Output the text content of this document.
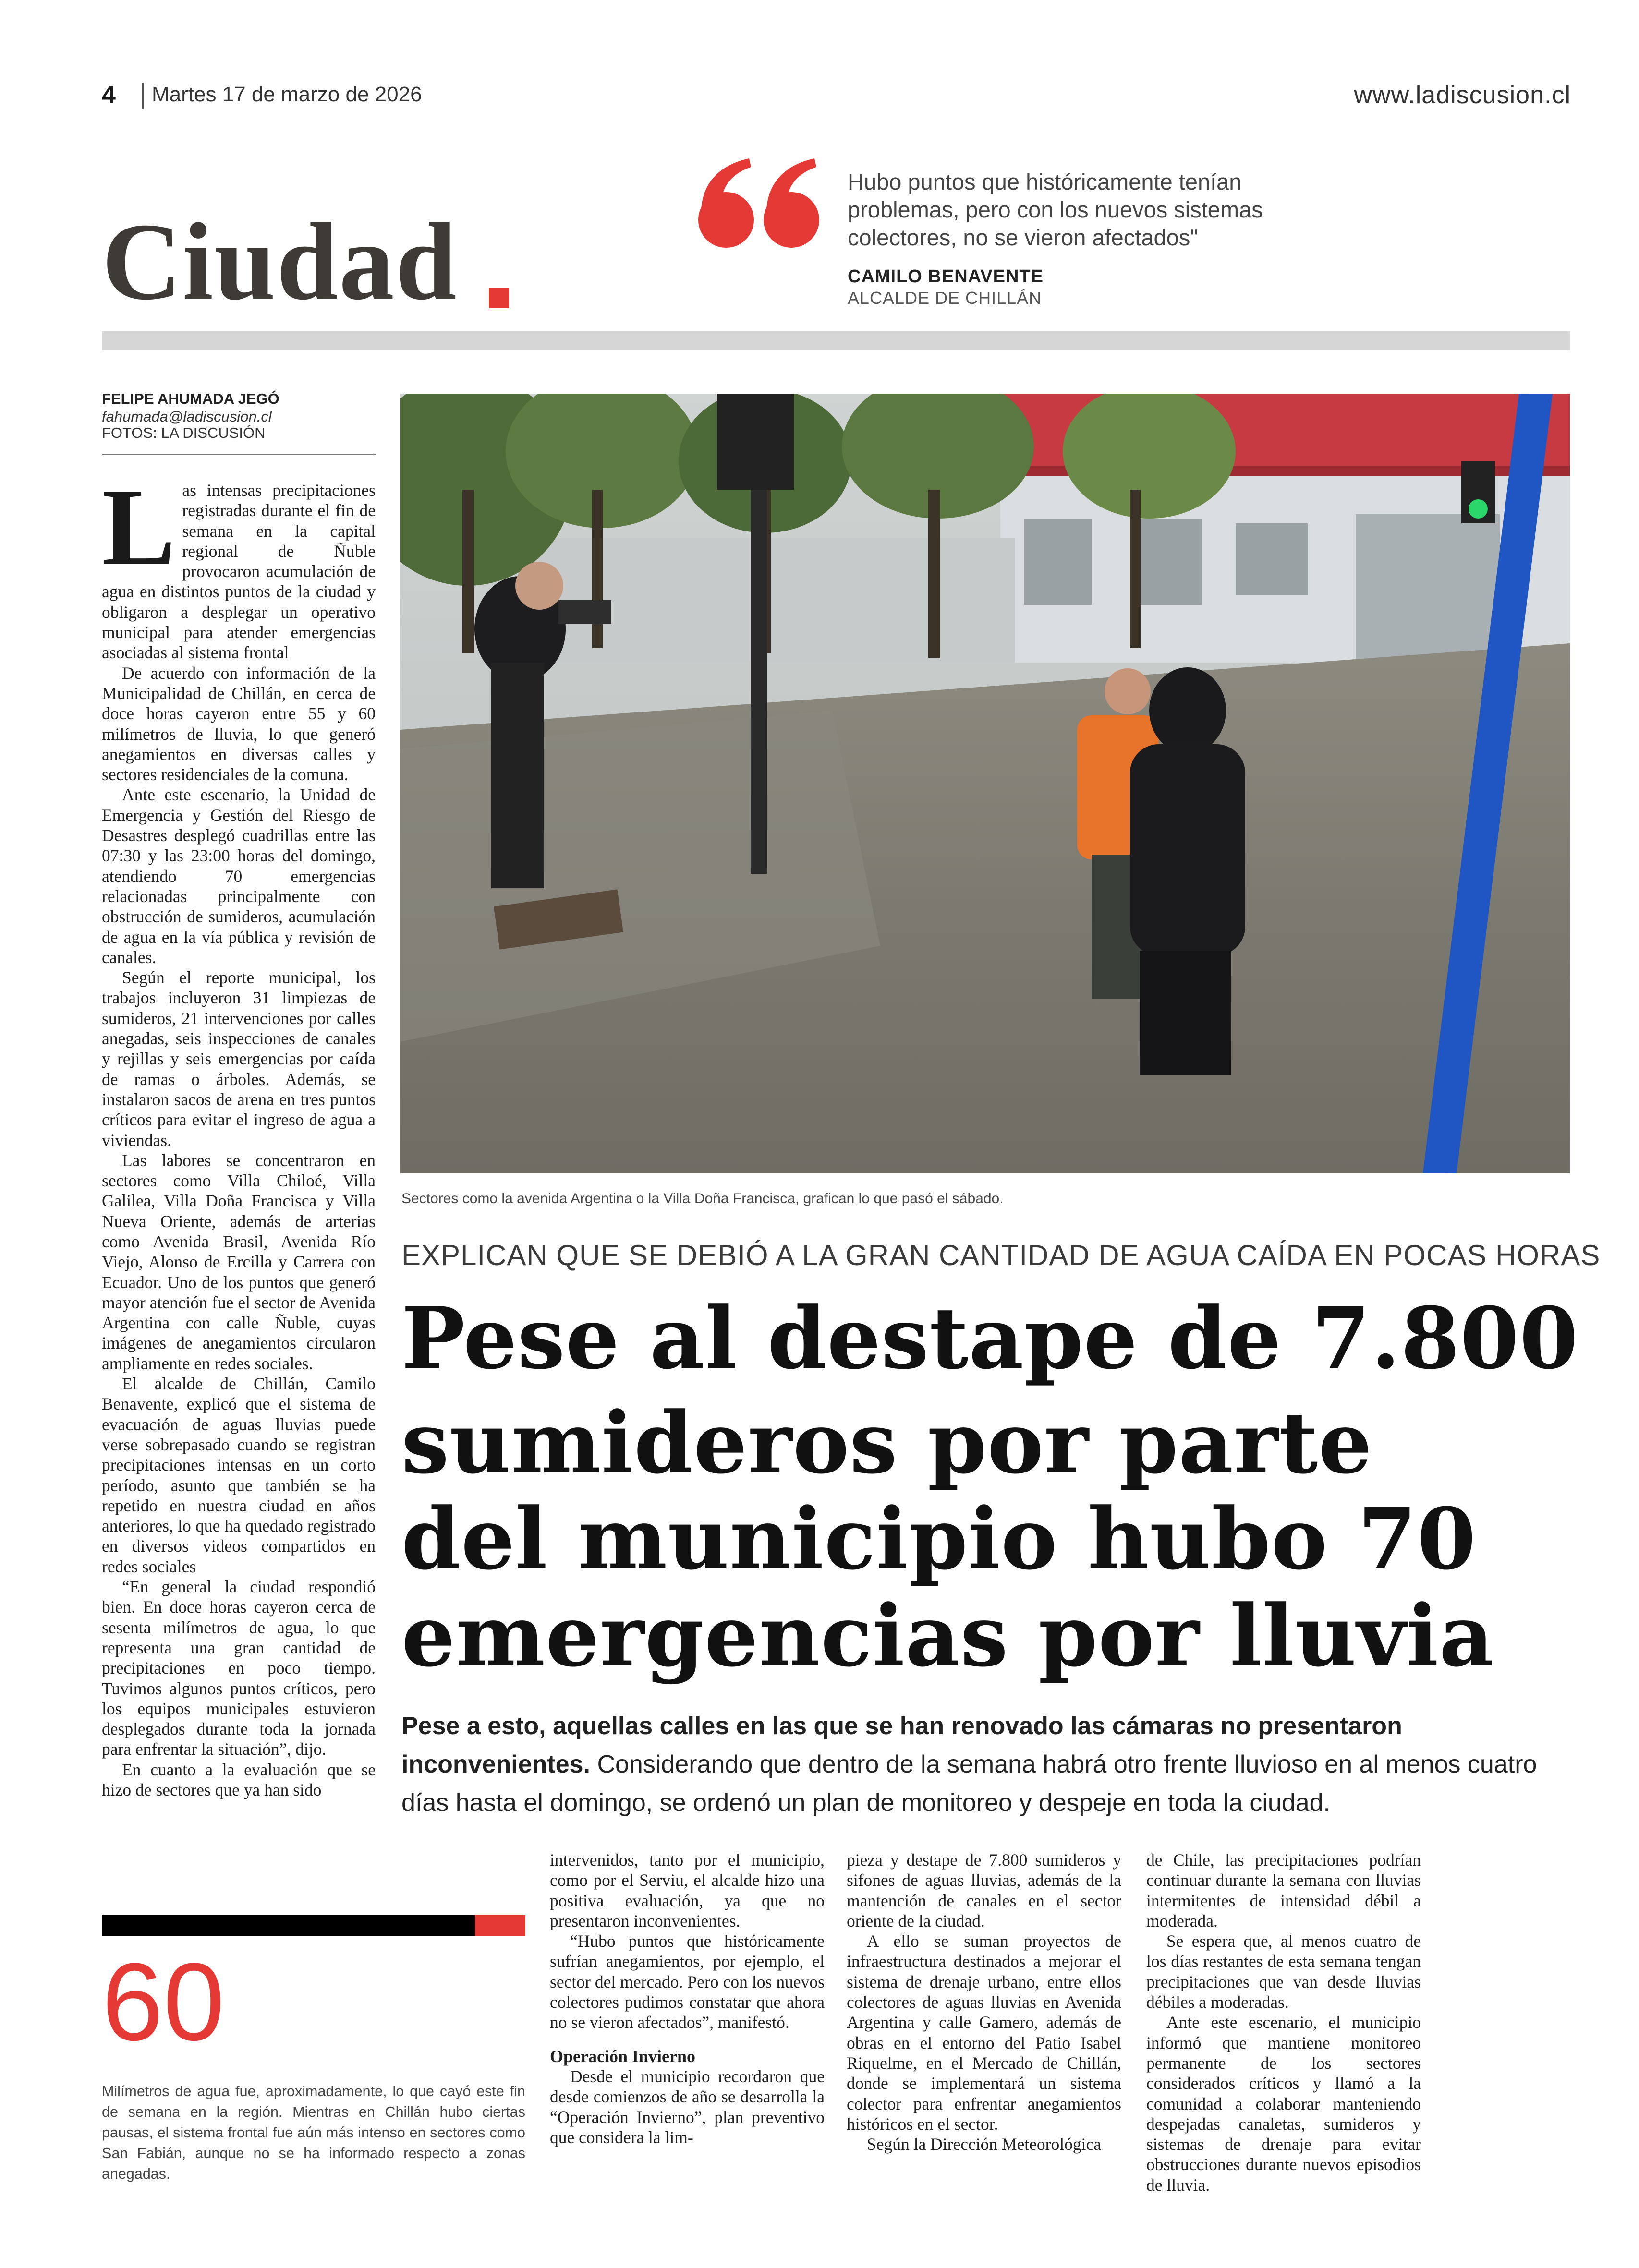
4 Martes 17 de marzo de 2026	www.ladiscusion.cl
Ciudad
Hubo puntos que históricamente tenían problemas, pero con los nuevos sistemas colectores, no se vieron afectados"
CAMILO BENAVENTE
ALCALDE DE CHILLÁN
FELIPE AHUMADA JEGÓ
fahumada@ladiscusion.cl
FOTOS: LA DISCUSIÓN

Las intensas precipitaciones registradas durante el fin de semana en la capital regional de Ñuble provocaron acumulación de agua en distintos puntos de la ciudad y obligaron a desplegar un operativo municipal para atender emergencias asociadas al sistema frontal

De acuerdo con información de la Municipalidad de Chillán, en cerca de doce horas cayeron entre 55 y 60 milímetros de lluvia, lo que generó anegamientos en diversas calles y sectores residenciales de la comuna.

Ante este escenario, la Unidad de Emergencia y Gestión del Riesgo de Desastres desplegó cuadrillas entre las 07:30 y las 23:00 horas del domingo, atendiendo 70 emergencias relacionadas principalmente con obstrucción de sumideros, acumulación de agua en la vía pública y revisión de canales.

Según el reporte municipal, los trabajos incluyeron 31 limpiezas de sumideros, 21 intervenciones por calles anegadas, seis inspecciones de canales y rejillas y seis emergencias por caída de ramas o árboles. Además, se instalaron sacos de arena en tres puntos críticos para evitar el ingreso de agua a viviendas.

Las labores se concentraron en sectores como Villa Chiloé, Villa Galilea, Villa Doña Francisca y Villa Nueva Oriente, además de arterias como Avenida Brasil, Avenida Río Viejo, Alonso de Ercilla y Carrera con Ecuador. Uno de los puntos que generó mayor atención fue el sector de Avenida Argentina con calle Ñuble, cuyas imágenes de anegamientos circularon ampliamente en redes sociales.

El alcalde de Chillán, Camilo Benavente, explicó que el sistema de evacuación de aguas lluvias puede verse sobrepasado cuando se registran precipitaciones intensas en un corto período, asunto que también se ha repetido en nuestra ciudad en años anteriores, lo que ha quedado registrado en diversos videos compartidos en redes sociales

“En general la ciudad respondió bien. En doce horas cayeron cerca de sesenta milímetros de agua, lo que representa una gran cantidad de precipitaciones en poco tiempo. Tuvimos algunos puntos críticos, pero los equipos municipales estuvieron desplegados durante toda la jornada para enfrentar la situación”, dijo.

En cuanto a la evaluación que se hizo de sectores que ya han sido

Sectores como la avenida Argentina o la Villa Doña Francisca, grafican lo que pasó el sábado.
EXPLICAN QUE SE DEBIÓ A LA GRAN CANTIDAD DE AGUA CAÍDA EN POCAS HORAS
Pese al destape de 7.800
sumideros por parte
del municipio hubo 70
emergencias por lluvia
Pese a esto, aquellas calles en las que se han renovado las cámaras no presentaron inconvenientes. Considerando que dentro de la semana habrá otro frente lluvioso en al menos cuatro días hasta el domingo, se ordenó un plan de monitoreo y despeje en toda la ciudad.

intervenidos, tanto por el municipio, como por el Serviu, el alcalde hizo una positiva evaluación, ya que no presentaron inconvenientes.

“Hubo puntos que históricamente sufrían anegamientos, por ejemplo, el sector del mercado. Pero con los nuevos colectores pudimos constatar que ahora no se vieron afectados”, manifestó.

Operación Invierno

Desde el municipio recordaron que desde comienzos de año se desarrolla la “Operación Invierno”, plan preventivo que considera la lim-

pieza y destape de 7.800 sumideros y sifones de aguas lluvias, además de la mantención de canales en el sector oriente de la ciudad.

A ello se suman proyectos de infraestructura destinados a mejorar el sistema de drenaje urbano, entre ellos colectores de aguas lluvias en Avenida Argentina y calle Gamero, además de obras en el entorno del Patio Isabel Riquelme, en el Mercado de Chillán, donde se implementará un sistema colector para enfrentar anegamientos históricos en el sector.

Según la Dirección Meteorológica

de Chile, las precipitaciones podrían continuar durante la semana con lluvias intermitentes de intensidad débil a moderada.

Se espera que, al menos cuatro de los días restantes de esta semana tengan precipitaciones que van desde lluvias débiles a moderadas.

Ante este escenario, el municipio informó que mantiene monitoreo permanente de los sectores considerados críticos y llamó a la comunidad a colaborar manteniendo despejadas canaletas, sumideros y sistemas de drenaje para evitar obstrucciones durante nuevos episodios de lluvia.

60
Milímetros de agua fue, aproximadamente, lo que cayó este fin de semana en la región. Mientras en Chillán hubo ciertas pausas, el sistema frontal fue aún más intenso en sectores como San Fabián, aunque no se ha informado respecto a zonas anegadas.
